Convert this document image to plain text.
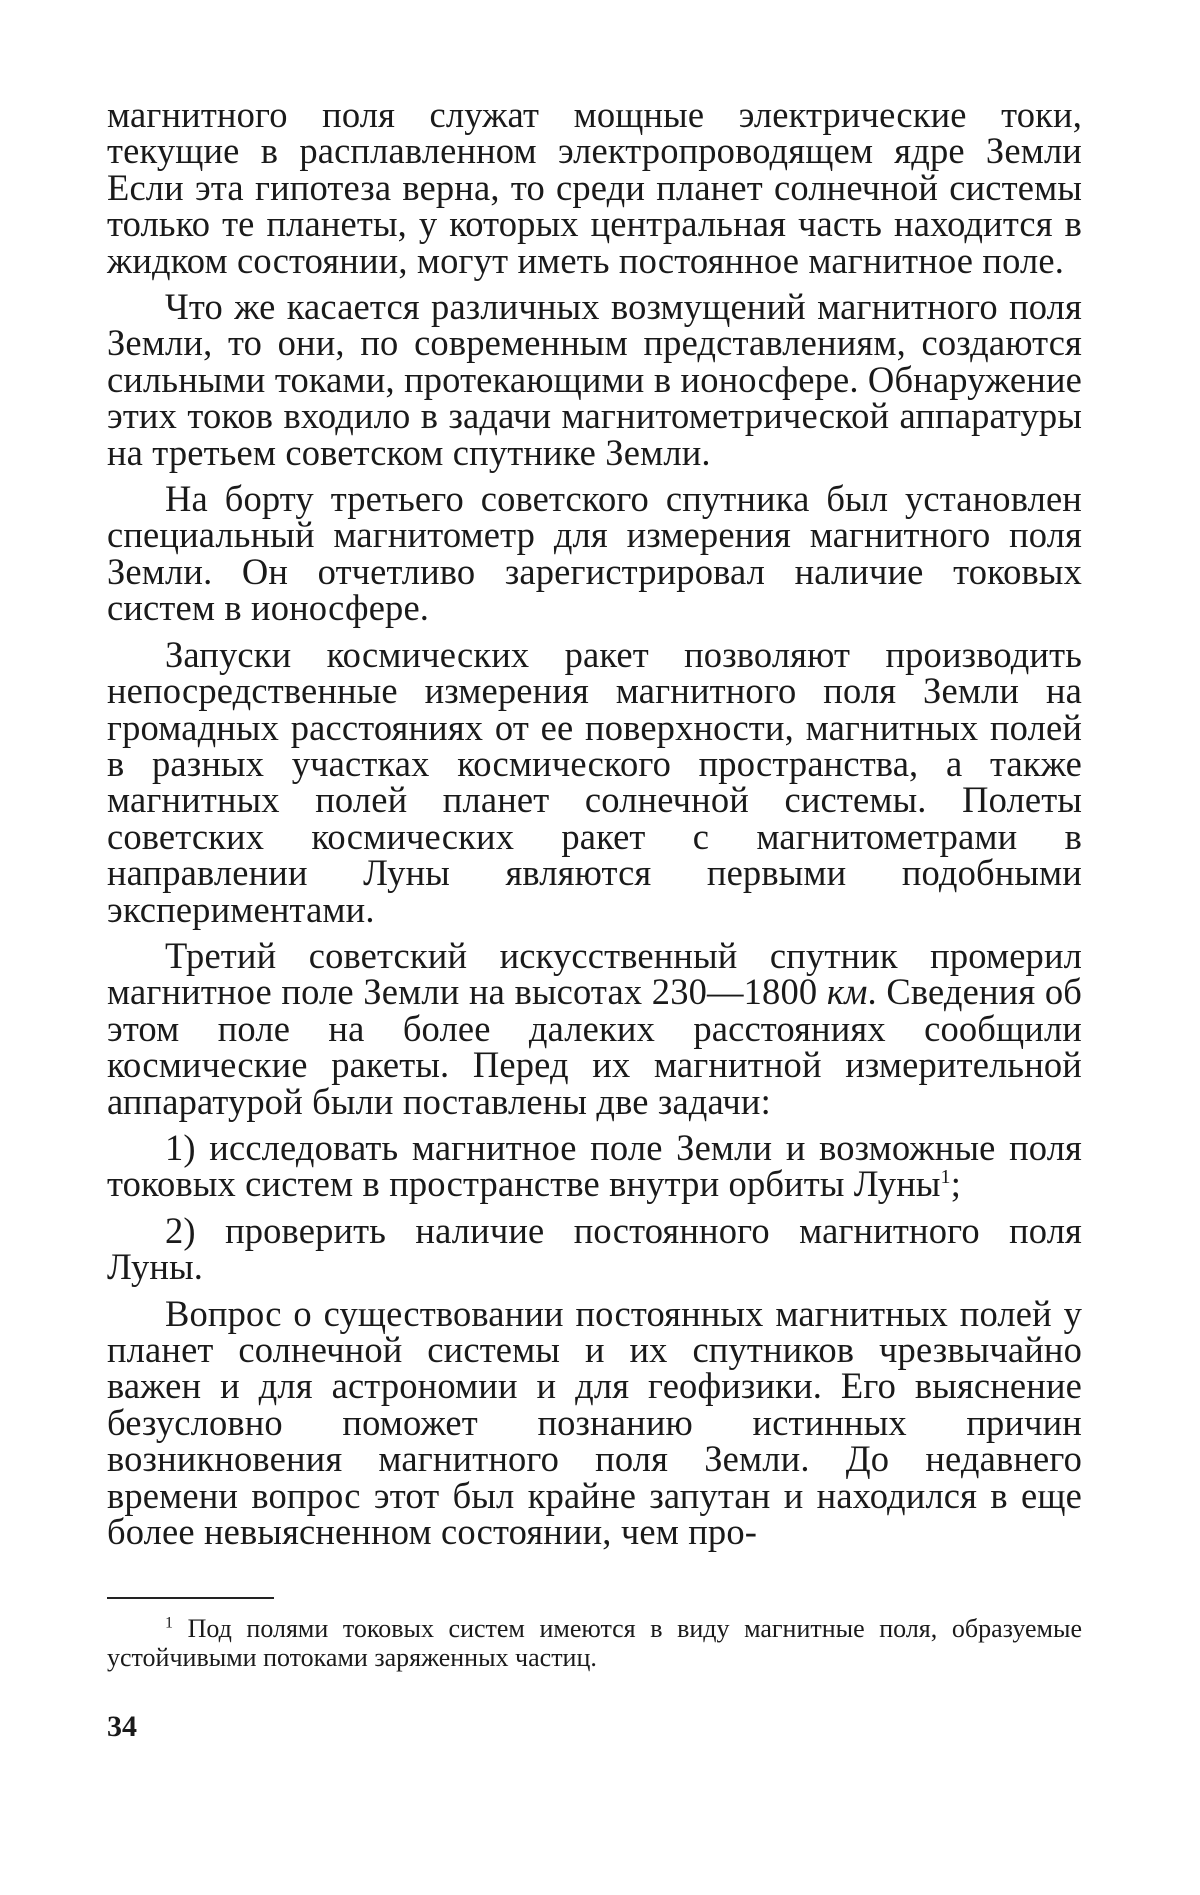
магнитного поля служат мощные электрические токи, текущие в расплавленном электропроводящем ядре Земли Если эта гипотеза верна, то среди планет солнечной системы только те планеты, у которых центральная часть находится в жидком состоянии, могут иметь постоянное магнитное поле.

Что же касается различных возмущений магнитного поля Земли, то они, по современным представлениям, создаются сильными токами, протекающими в ионосфере. Обнаружение этих токов входило в задачи магнитометрической аппаратуры на третьем советском спутнике Земли.

На борту третьего советского спутника был установлен специальный магнитометр для измерения магнитного поля Земли. Он отчетливо зарегистрировал наличие токовых систем в ионосфере.

Запуски космических ракет позволяют производить непосредственные измерения магнитного поля Земли на громадных расстояниях от ее поверхности, магнитных полей в разных участках космического пространства, а также магнитных полей планет солнечной системы. Полеты советских космических ракет с магнитометрами в направлении Луны являются первыми подобными экспериментами.

Третий советский искусственный спутник промерил магнитное поле Земли на высотах 230—1800 км. Сведения об этом поле на более далеких расстояниях сообщили космические ракеты. Перед их магнитной измерительной аппаратурой были поставлены две задачи:

1) исследовать магнитное поле Земли и возможные поля токовых систем в пространстве внутри орбиты Луны$^1$;

2) проверить наличие постоянного магнитного поля Луны.

Вопрос о существовании постоянных магнитных полей у планет солнечной системы и их спутников чрезвычайно важен и для астрономии и для геофизики. Его выяснение безусловно поможет познанию истинных причин возникновения магнитного поля Земли. До недавнего времени вопрос этот был крайне запутан и находился в еще более невыясненном состоянии, чем про-

$^1$ Под полями токовых систем имеются в виду магнитные поля, образуемые устойчивыми потоками заряженных частиц.
34
